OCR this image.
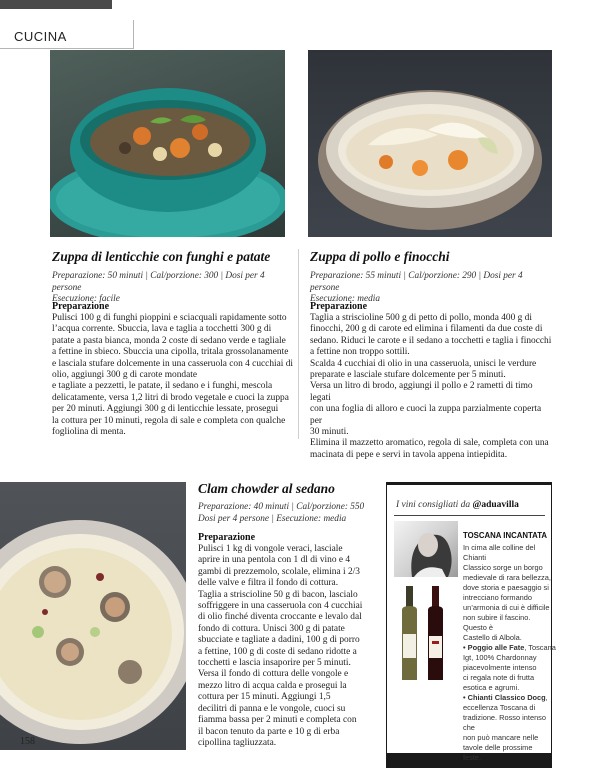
CUCINA
Zuppa di lenticchie con funghi e patate
Preparazione: 50 minuti | Cal/porzione: 300 | Dosi per 4 persone
Esecuzione: facile
Preparazione
Pulisci 100 g di funghi pioppini e sciacquali rapidamente sotto
l’acqua corrente. Sbuccia, lava e taglia a tocchetti 300 g di
patate a pasta bianca, monda 2 coste di sedano verde e tagliale
a fettine in sbiecо. Sbuccia una cipolla, tritala grossolanamente
e lasciala stufare dolcemente in una casseruola con 4 cucchiai di
olio, aggiungi 300 g di carote mondate
e tagliate a pezzetti, le patate, il sedano e i funghi, mescola
delicatamente, versa 1,2 litri di brodo vegetale e cuoci la zuppa
per 20 minuti. Aggiungi 300 g di lenticchie lessate, prosegui
la cottura per 10 minuti, regola di sale e completa con qualche
fogliolina di menta.
Zuppa di pollo e finocchi
Preparazione: 55 minuti | Cal/porzione: 290 | Dosi per 4 persone
Esecuzione: media
Preparazione
Taglia a striscioline 500 g di petto di pollo, monda 400 g di
finocchi, 200 g di carote ed elimina i filamenti da due coste di
sedano. Riduci le carote e il sedano a tocchetti e taglia i finocchi
a fettine non troppo sottili.
Scalda 4 cucchiai di olio in una casseruola, unisci le verdure
preparate e lasciale stufare dolcemente per 5 minuti.
Versa un litro di brodo, aggiungi il pollo e 2 rametti di timo legati
con una foglia di alloro e cuoci la zuppa parzialmente coperta per
30 minuti.
Elimina il mazzetto aromatico, regola di sale, completa con una
macinata di pepe e servi in tavola appena intiepidita.
Clam chowder al sedano
Preparazione: 40 minuti | Cal/porzione: 550
Dosi per 4 persone | Esecuzione: media
Preparazione
Pulisci 1 kg di vongole veraci, lasciale
aprire in una pentola con 1 dl di vino e 4
gambi di prezzemolo, scolale, elimina i 2/3
delle valve e filtra il fondo di cottura.
Taglia a striscioline 50 g di bacon, lascialo
soffriggere in una casseruola con 4 cucchiai
di olio finché diventa croccante e levalo dal
fondo di cottura. Unisci 300 g di patate
sbucciate e tagliate a dadini, 100 g di porro
a fettine, 100 g di coste di sedano ridotte a
tocchetti e lascia insaporire per 5 minuti.
Versa il fondo di cottura delle vongole e
mezzo litro di acqua calda e prosegui la
cottura per 15 minuti. Aggiungi 1,5
decilitri di panna e le vongole, cuoci su
fiamma bassa per 2 minuti e completa con
il bacon tenuto da parte e 10 g di erba
cipollina tagliuzzata.
I vini consigliati da @aduavilla
TOSCANA INCANTATA
In cima alle colline del Chianti
Classico sorge un borgo
medievale di rara bellezza,
dove storia e paesaggio si
intrecciano formando
un’armonia di cui è difficile
non subire il fascino. Questo è
Castello di Albola.
• Poggio alle Fate, Toscana
Igt, 100% Chardonnay
piacevolmente intenso
ci regala note di frutta
esotica e agrumi.
• Chianti Classico Docg,
eccellenza Toscana di
tradizione. Rosso intenso che
non può mancare nelle
tavole delle prossime feste.
158
